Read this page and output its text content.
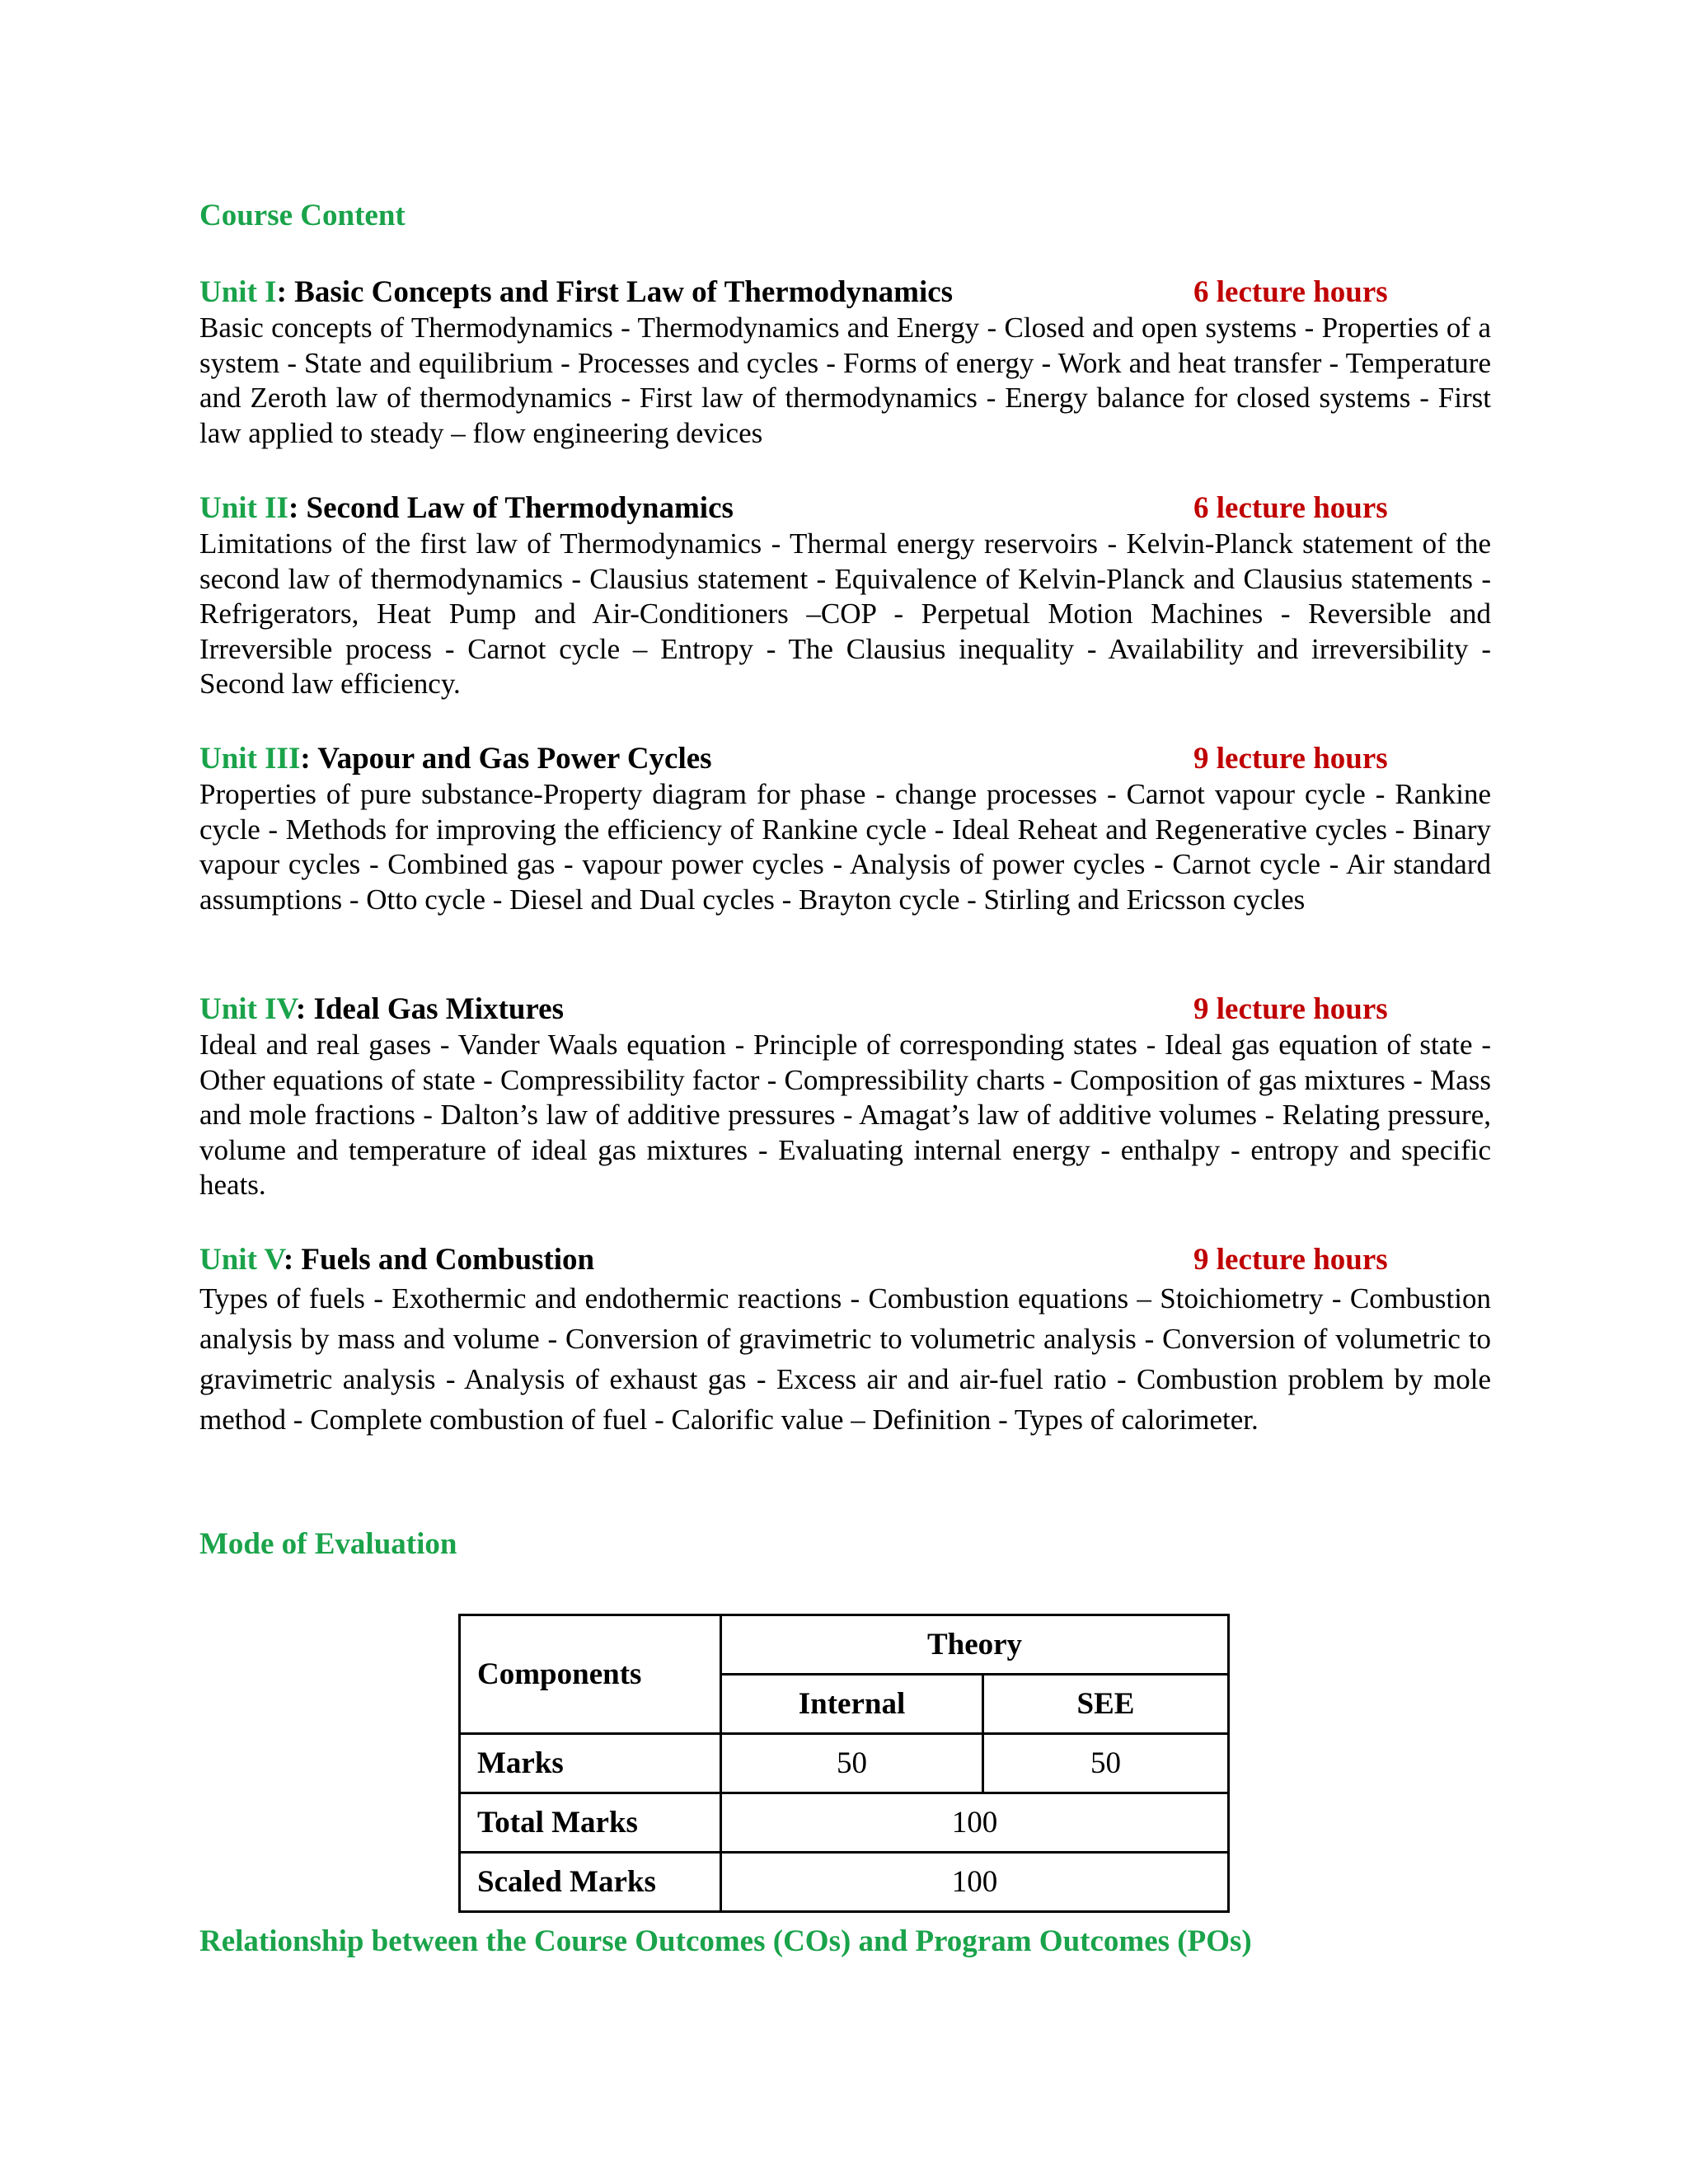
Course Content
Unit I: Basic Concepts and First Law of Thermodynamics	6 lecture hours

Basic concepts of Thermodynamics - Thermodynamics and Energy - Closed and open systems - Properties of a system - State and equilibrium - Processes and cycles - Forms of energy - Work and heat transfer - Temperature and Zeroth law of thermodynamics - First law of thermodynamics - Energy balance for closed systems - First law applied to steady – flow engineering devices

Unit II: Second Law of Thermodynamics	6 lecture hours

Limitations of the first law of Thermodynamics - Thermal energy reservoirs - Kelvin-Planck statement of the second law of thermodynamics - Clausius statement - Equivalence of Kelvin-Planck and Clausius statements - Refrigerators, Heat Pump and Air-Conditioners –COP - Perpetual Motion Machines - Reversible and Irreversible process - Carnot cycle – Entropy - The Clausius inequality - Availability and irreversibility - Second law efficiency.

Unit III: Vapour and Gas Power Cycles	9 lecture hours

Properties of pure substance-Property diagram for phase - change processes - Carnot vapour cycle - Rankine cycle - Methods for improving the efficiency of Rankine cycle - Ideal Reheat and Regenerative cycles - Binary vapour cycles - Combined gas - vapour power cycles - Analysis of power cycles - Carnot cycle - Air standard assumptions - Otto cycle - Diesel and Dual cycles - Brayton cycle - Stirling and Ericsson cycles

Unit IV: Ideal Gas Mixtures	9 lecture hours

Ideal and real gases - Vander Waals equation - Principle of corresponding states - Ideal gas equation of state - Other equations of state - Compressibility factor - Compressibility charts - Composition of gas mixtures - Mass and mole fractions - Dalton’s law of additive pressures - Amagat’s law of additive volumes - Relating pressure, volume and temperature of ideal gas mixtures - Evaluating internal energy - enthalpy - entropy and specific heats.

Unit V: Fuels and Combustion	9 lecture hours

Types of fuels - Exothermic and endothermic reactions - Combustion equations – Stoichiometry - Combustion analysis by mass and volume - Conversion of gravimetric to volumetric analysis - Conversion of volumetric to gravimetric analysis - Analysis of exhaust gas - Excess air and air-fuel ratio - Combustion problem by mole method - Complete combustion of fuel - Calorific value – Definition - Types of calorimeter.

Mode of Evaluation
Components	Theory	
	Internal	SEE
Marks	50	50
Total Marks	100	
Scaled Marks	100	
Relationship between the Course Outcomes (COs) and Program Outcomes (POs)
